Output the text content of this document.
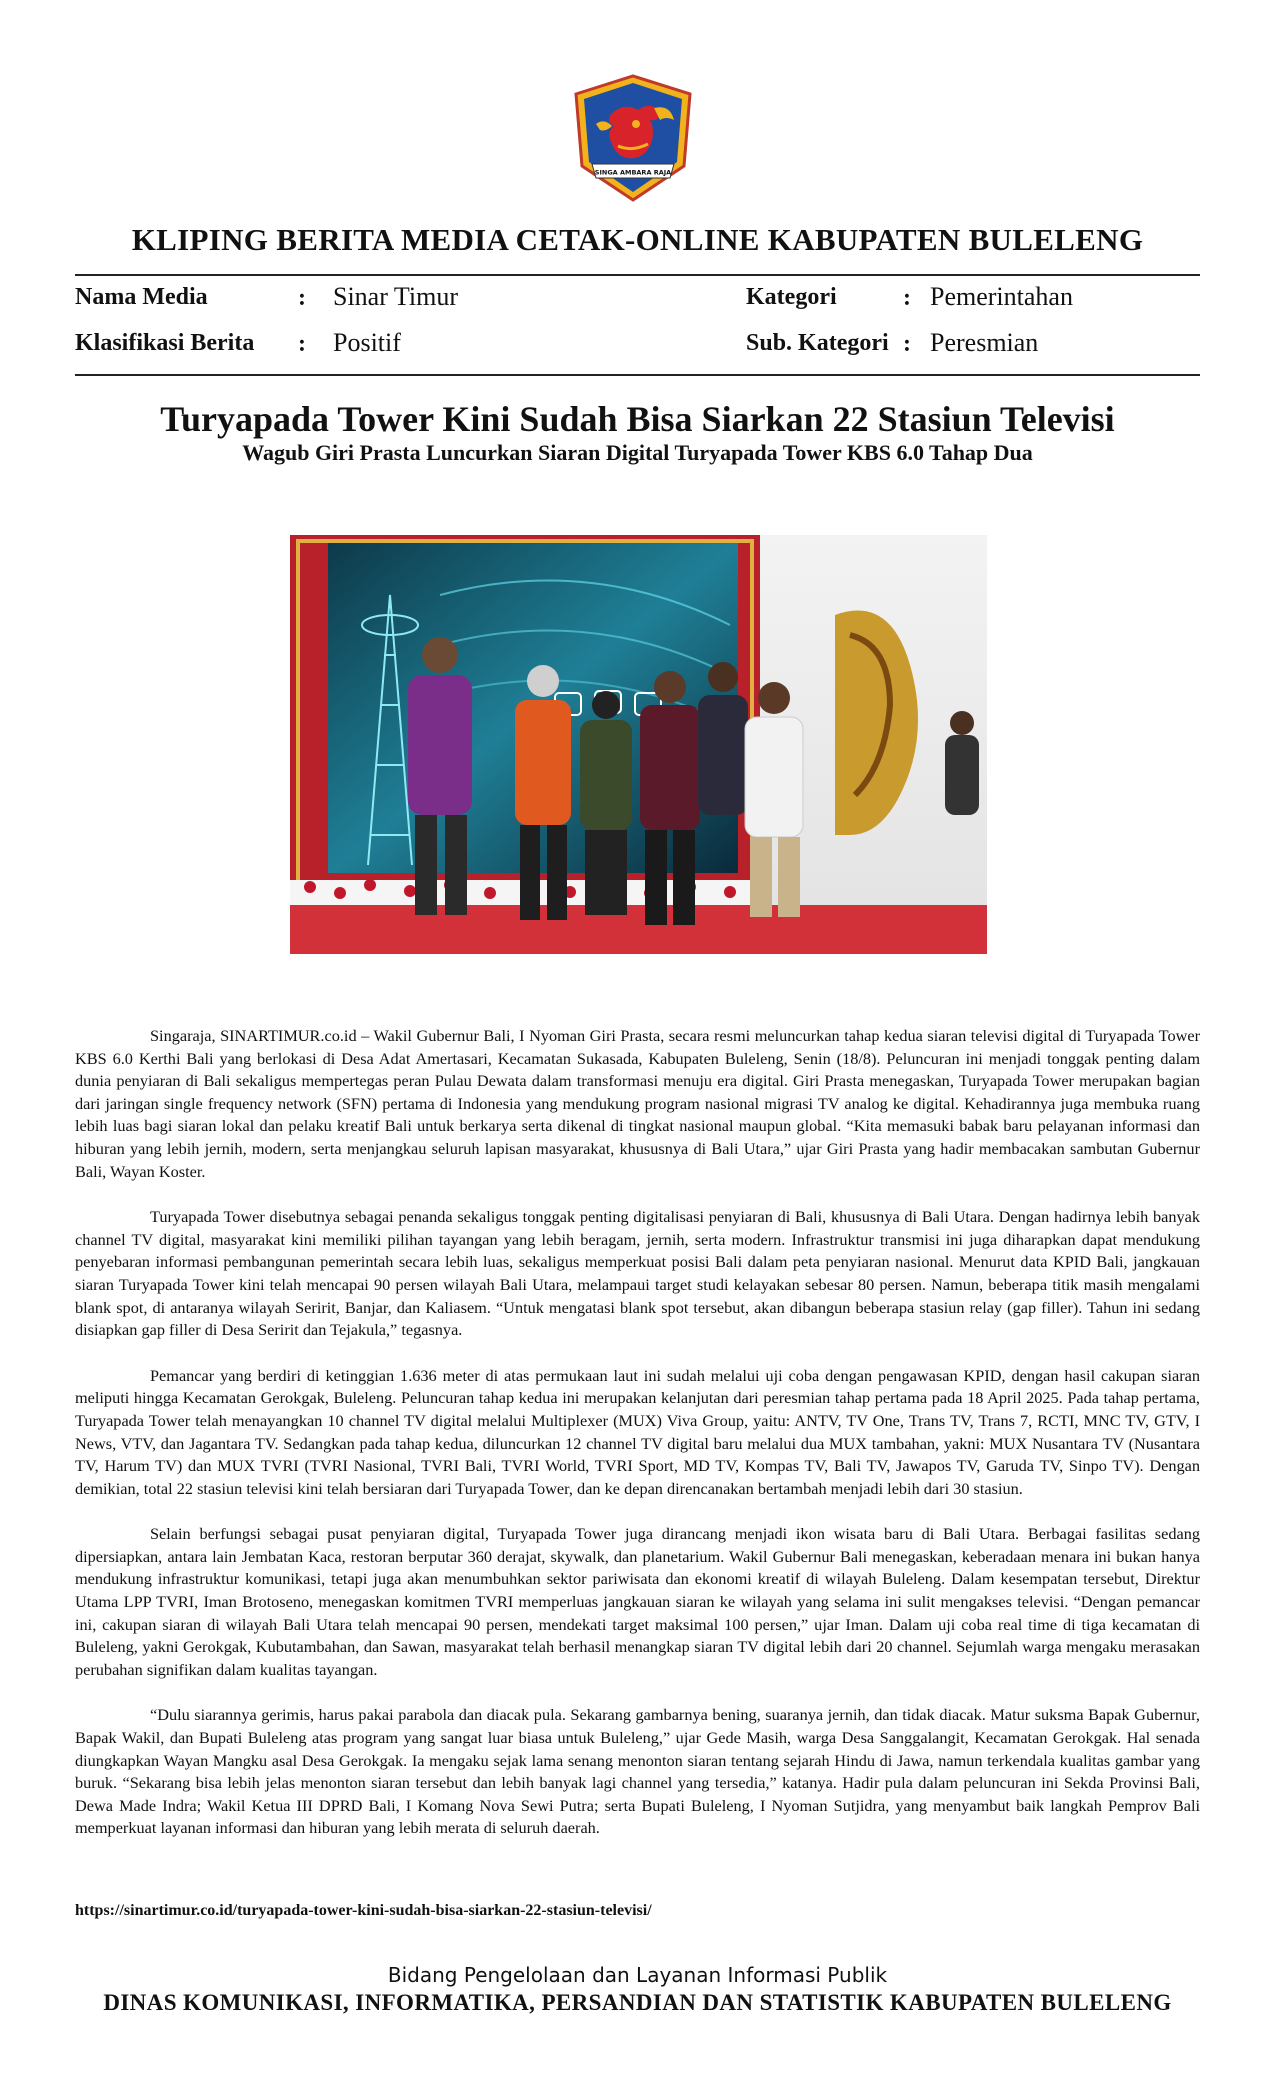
SINGA AMBARA RAJA
KLIPING BERITA MEDIA CETAK-ONLINE KABUPATEN BULELENG
Nama Media	: Sinar Timur	Kategori	: Pemerintahan
Klasifikasi Berita : Positif	Sub. Kategori : Peresmian
Turyapada Tower Kini Sudah Bisa Siarkan 22 Stasiun Televisi
Wagub Giri Prasta Luncurkan Siaran Digital Turyapada Tower KBS 6.0 Tahap Dua

Singaraja, SINARTIMUR.co.id – Wakil Gubernur Bali, I Nyoman Giri Prasta, secara resmi meluncurkan tahap kedua siaran televisi digital di Turyapada Tower KBS 6.0 Kerthi Bali yang berlokasi di Desa Adat Amertasari, Kecamatan Sukasada, Kabupaten Buleleng, Senin (18/8). Peluncuran ini menjadi tonggak penting dalam dunia penyiaran di Bali sekaligus mempertegas peran Pulau Dewata dalam transformasi menuju era digital. Giri Prasta menegaskan, Turyapada Tower merupakan bagian dari jaringan single frequency network (SFN) pertama di Indonesia yang mendukung program nasional migrasi TV analog ke digital. Kehadirannya juga membuka ruang lebih luas bagi siaran lokal dan pelaku kreatif Bali untuk berkarya serta dikenal di tingkat nasional maupun global. “Kita memasuki babak baru pelayanan informasi dan hiburan yang lebih jernih, modern, serta menjangkau seluruh lapisan masyarakat, khususnya di Bali Utara,” ujar Giri Prasta yang hadir membacakan sambutan Gubernur Bali, Wayan Koster.

Turyapada Tower disebutnya sebagai penanda sekaligus tonggak penting digitalisasi penyiaran di Bali, khususnya di Bali Utara. Dengan hadirnya lebih banyak channel TV digital, masyarakat kini memiliki pilihan tayangan yang lebih beragam, jernih, serta modern. Infrastruktur transmisi ini juga diharapkan dapat mendukung penyebaran informasi pembangunan pemerintah secara lebih luas, sekaligus memperkuat posisi Bali dalam peta penyiaran nasional. Menurut data KPID Bali, jangkauan siaran Turyapada Tower kini telah mencapai 90 persen wilayah Bali Utara, melampaui target studi kelayakan sebesar 80 persen. Namun, beberapa titik masih mengalami blank spot, di antaranya wilayah Seririt, Banjar, dan Kaliasem. “Untuk mengatasi blank spot tersebut, akan dibangun beberapa stasiun relay (gap filler). Tahun ini sedang disiapkan gap filler di Desa Seririt dan Tejakula,” tegasnya.

Pemancar yang berdiri di ketinggian 1.636 meter di atas permukaan laut ini sudah melalui uji coba dengan pengawasan KPID, dengan hasil cakupan siaran meliputi hingga Kecamatan Gerokgak, Buleleng. Peluncuran tahap kedua ini merupakan kelanjutan dari peresmian tahap pertama pada 18 April 2025. Pada tahap pertama, Turyapada Tower telah menayangkan 10 channel TV digital melalui Multiplexer (MUX) Viva Group, yaitu: ANTV, TV One, Trans TV, Trans 7, RCTI, MNC TV, GTV, I News, VTV, dan Jagantara TV. Sedangkan pada tahap kedua, diluncurkan 12 channel TV digital baru melalui dua MUX tambahan, yakni: MUX Nusantara TV (Nusantara TV, Harum TV) dan MUX TVRI (TVRI Nasional, TVRI Bali, TVRI World, TVRI Sport, MD TV, Kompas TV, Bali TV, Jawapos TV, Garuda TV, Sinpo TV). Dengan demikian, total 22 stasiun televisi kini telah bersiaran dari Turyapada Tower, dan ke depan direncanakan bertambah menjadi lebih dari 30 stasiun.

Selain berfungsi sebagai pusat penyiaran digital, Turyapada Tower juga dirancang menjadi ikon wisata baru di Bali Utara. Berbagai fasilitas sedang dipersiapkan, antara lain Jembatan Kaca, restoran berputar 360 derajat, skywalk, dan planetarium. Wakil Gubernur Bali menegaskan, keberadaan menara ini bukan hanya mendukung infrastruktur komunikasi, tetapi juga akan menumbuhkan sektor pariwisata dan ekonomi kreatif di wilayah Buleleng. Dalam kesempatan tersebut, Direktur Utama LPP TVRI, Iman Brotoseno, menegaskan komitmen TVRI memperluas jangkauan siaran ke wilayah yang selama ini sulit mengakses televisi. “Dengan pemancar ini, cakupan siaran di wilayah Bali Utara telah mencapai 90 persen, mendekati target maksimal 100 persen,” ujar Iman. Dalam uji coba real time di tiga kecamatan di Buleleng, yakni Gerokgak, Kubutambahan, dan Sawan, masyarakat telah berhasil menangkap siaran TV digital lebih dari 20 channel. Sejumlah warga mengaku merasakan perubahan signifikan dalam kualitas tayangan.

“Dulu siarannya gerimis, harus pakai parabola dan diacak pula. Sekarang gambarnya bening, suaranya jernih, dan tidak diacak. Matur suksma Bapak Gubernur, Bapak Wakil, dan Bupati Buleleng atas program yang sangat luar biasa untuk Buleleng,” ujar Gede Masih, warga Desa Sanggalangit, Kecamatan Gerokgak. Hal senada diungkapkan Wayan Mangku asal Desa Gerokgak. Ia mengaku sejak lama senang menonton siaran tentang sejarah Hindu di Jawa, namun terkendala kualitas gambar yang buruk. “Sekarang bisa lebih jelas menonton siaran tersebut dan lebih banyak lagi channel yang tersedia,” katanya. Hadir pula dalam peluncuran ini Sekda Provinsi Bali, Dewa Made Indra; Wakil Ketua III DPRD Bali, I Komang Nova Sewi Putra; serta Bupati Buleleng, I Nyoman Sutjidra, yang menyambut baik langkah Pemprov Bali memperkuat layanan informasi dan hiburan yang lebih merata di seluruh daerah.

https://sinartimur.co.id/turyapada-tower-kini-sudah-bisa-siarkan-22-stasiun-televisi/
Bidang Pengelolaan dan Layanan Informasi Publik
DINAS KOMUNIKASI, INFORMATIKA, PERSANDIAN DAN STATISTIK KABUPATEN BULELENG
